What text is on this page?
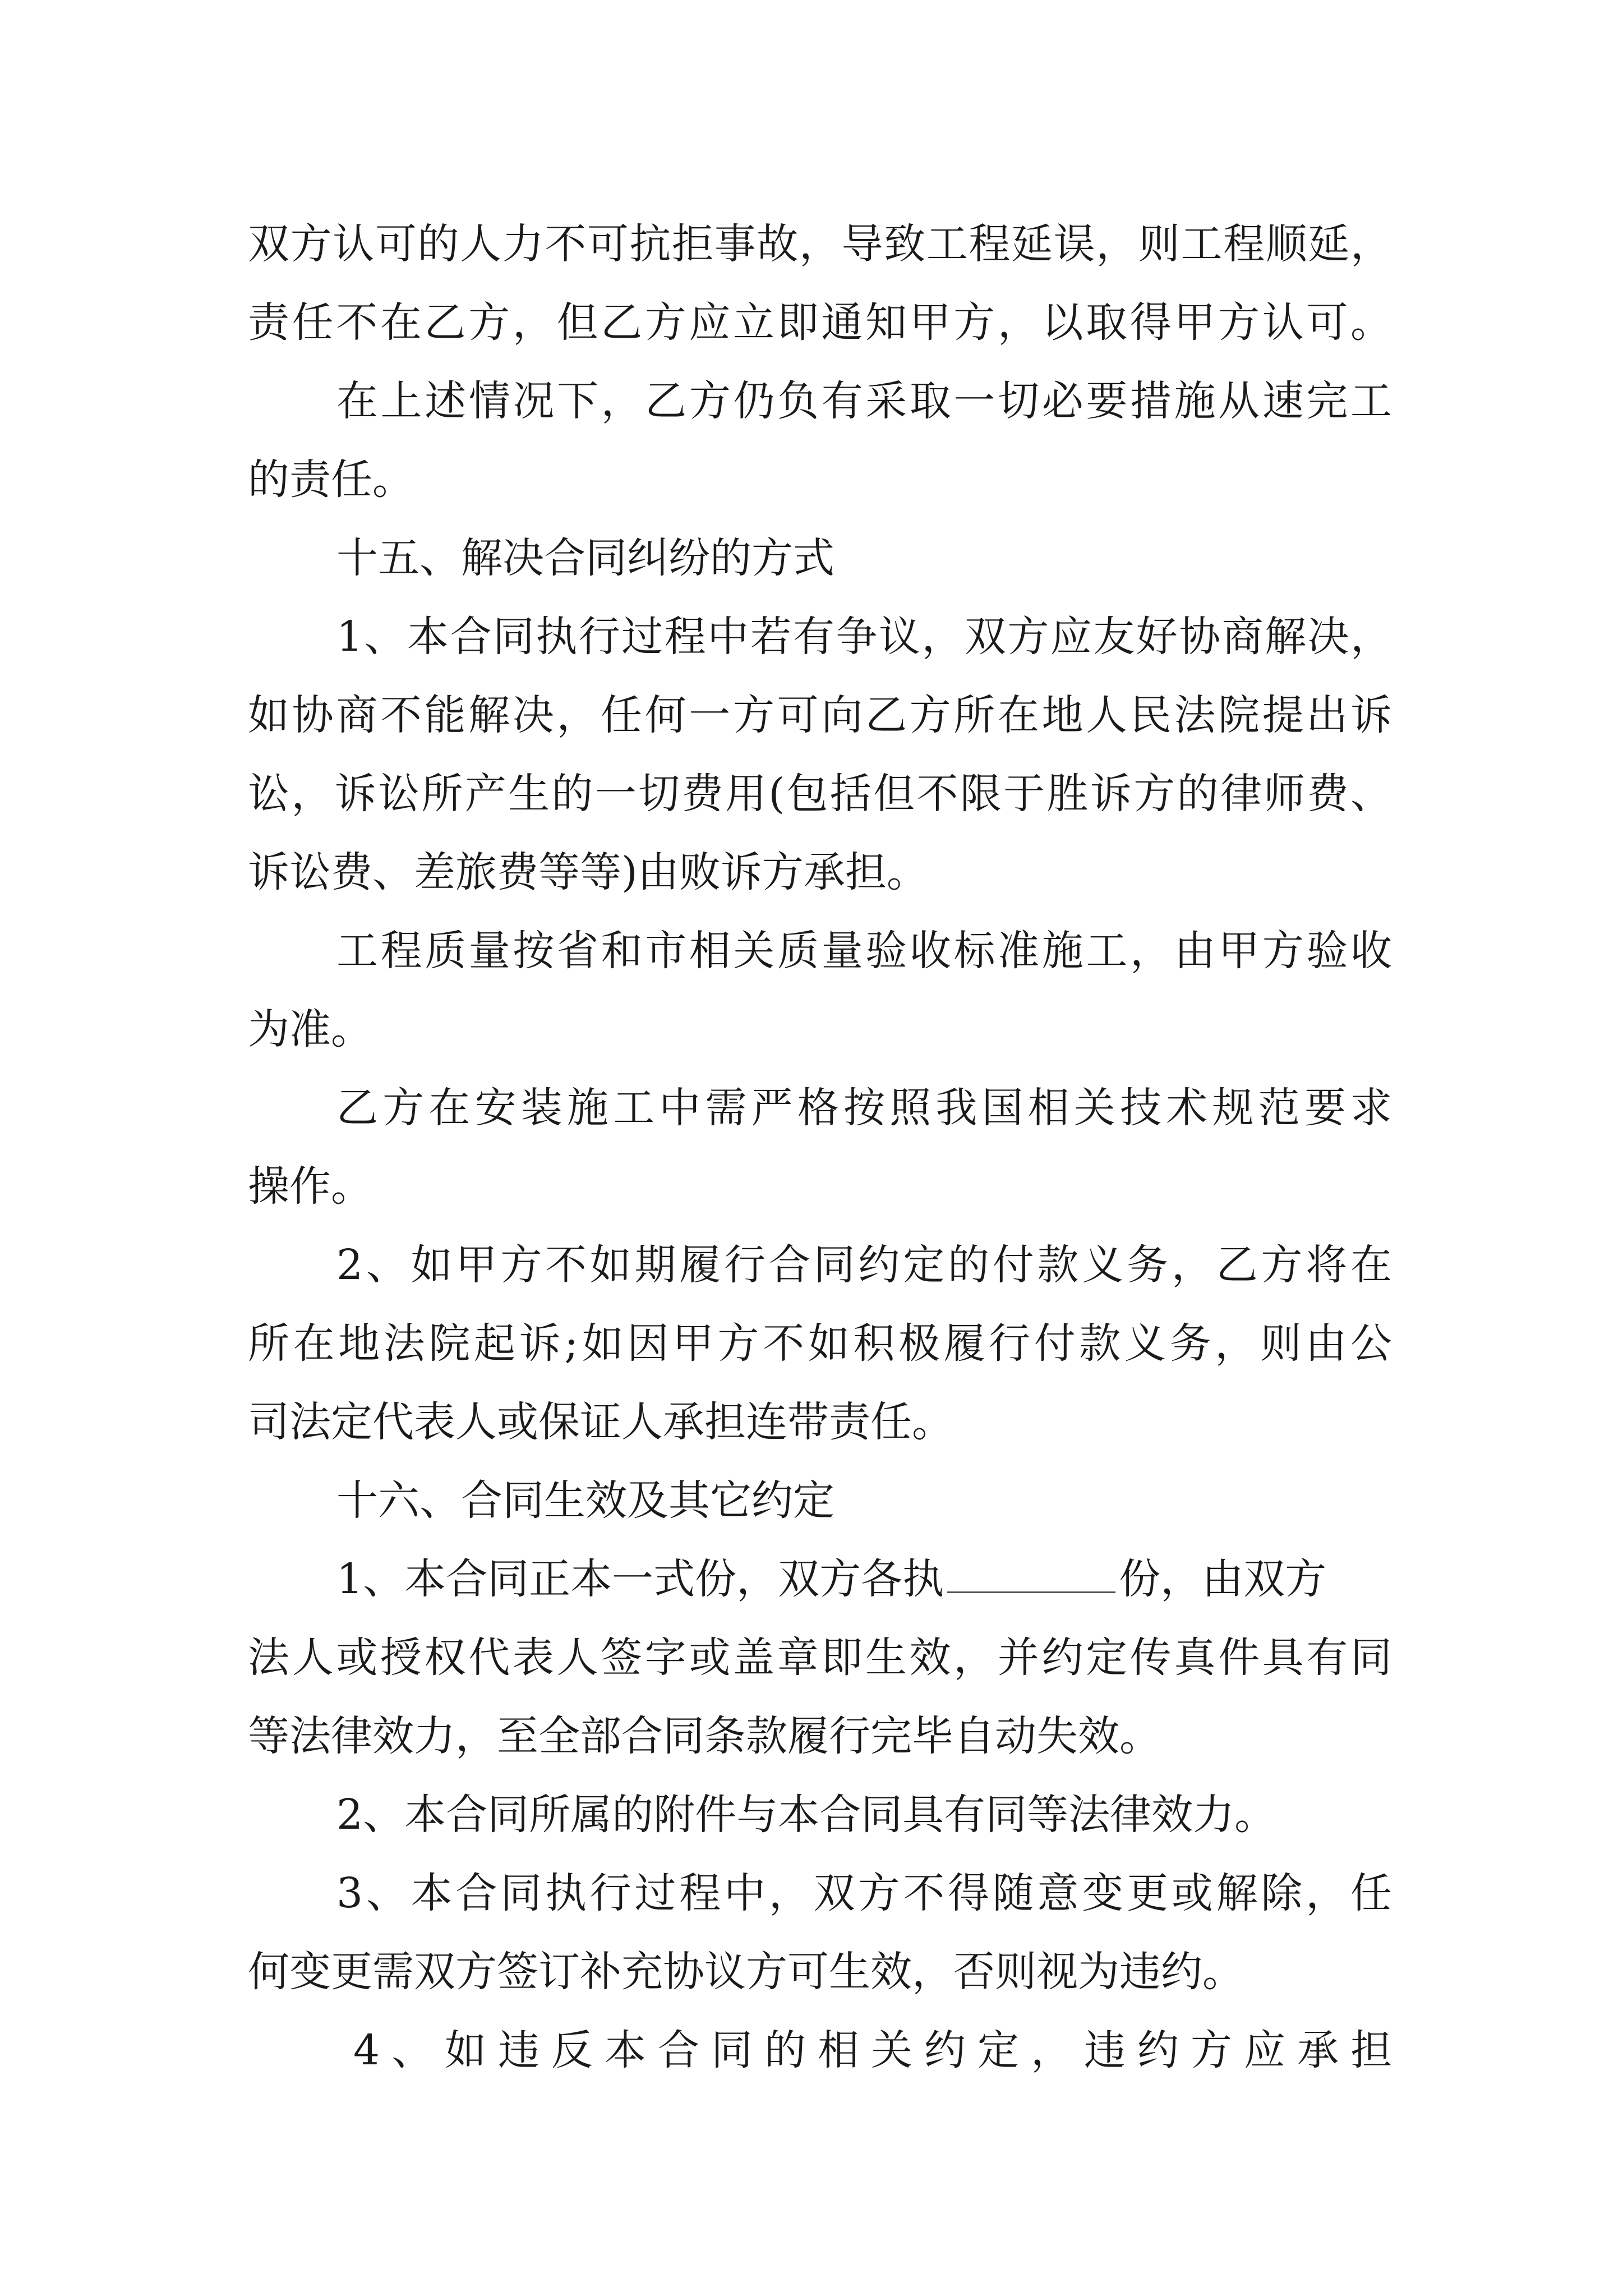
双方认可的人力不可抗拒事故，导致工程延误，则工程顺延，
责任不在乙方，但乙方应立即通知甲方，以取得甲方认可。
在上述情况下，乙方仍负有采取一切必要措施从速完工
的责任。
十五、解决合同纠纷的方式
1、本合同执行过程中若有争议，双方应友好协商解决，
如协商不能解决，任何一方可向乙方所在地人民法院提出诉
讼，诉讼所产生的一切费用(包括但不限于胜诉方的律师费、
诉讼费、差旅费等等)由败诉方承担。
工程质量按省和市相关质量验收标准施工，由甲方验收
为准。
乙方在安装施工中需严格按照我国相关技术规范要求
操作。
2、如甲方不如期履行合同约定的付款义务，乙方将在
所在地法院起诉;如因甲方不如积极履行付款义务，则由公
司法定代表人或保证人承担连带责任。
十六、合同生效及其它约定
1、本合同正本一式份，双方各执	份，由双方
法人或授权代表人签字或盖章即生效，并约定传真件具有同
等法律效力，至全部合同条款履行完毕自动失效。
2、本合同所属的附件与本合同具有同等法律效力。
3、本合同执行过程中，双方不得随意变更或解除，任
何变更需双方签订补充协议方可生效，否则视为违约。
4、如违反本合同的相关约定，违约方应承担
